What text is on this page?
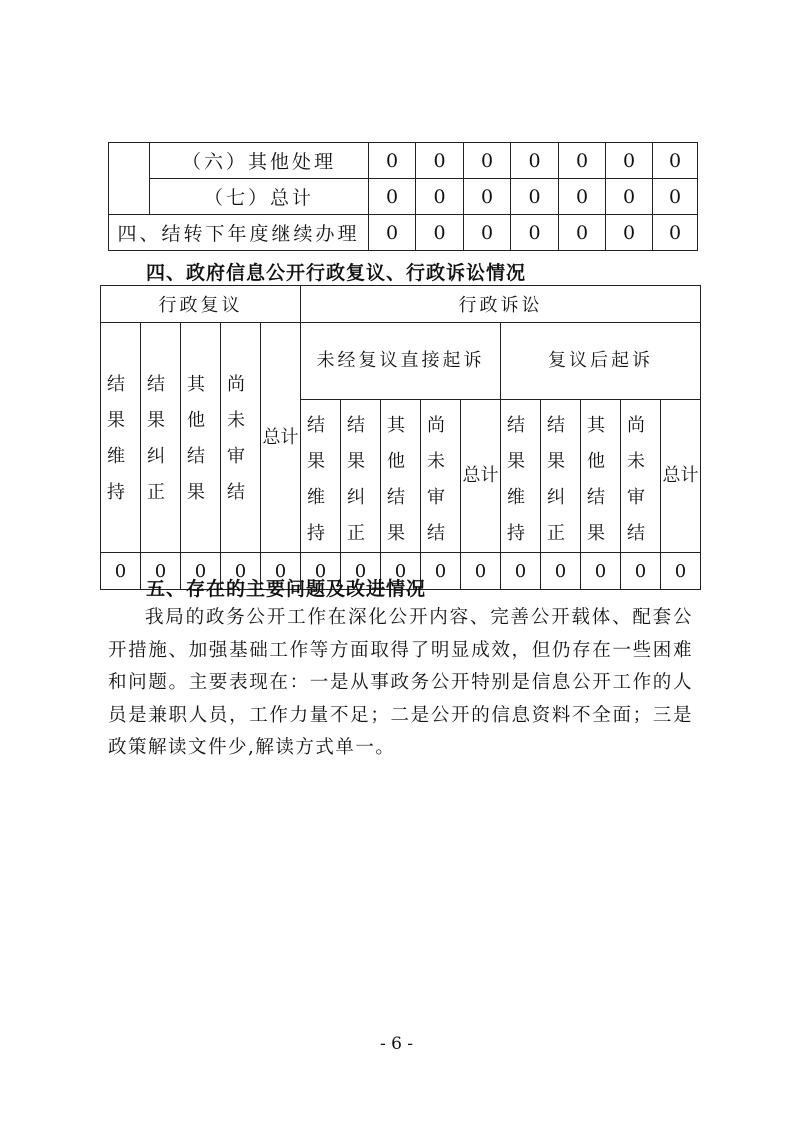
	（六）其他处理	0	0	0	0	0	0	0
	（七）总计	0	0	0	0	0	0	0
四、结转下年度继续办理		0	0	0	0	0	0	0
四、政府信息公开行政复议、行政诉讼情况
行政复议					行政诉讼									
结果维持	结果纠正	其他结果	尚未审结	总计	未经复议直接起诉					复议后起诉				
					结果维持	结果纠正	其他结果	尚未审结	总计	结果维持	结果纠正	其他结果	尚未审结	总计
0	0	0	0	0	0	0	0	0	0	0	0	0	0	0
五、存在的主要问题及改进情况

我局的政务公开工作在深化公开内容、完善公开载体、配套公开措施、加强基础工作等方面取得了明显成效，但仍存在一些困难和问题。主要表现在：一是从事政务公开特别是信息公开工作的人员是兼职人员，工作力量不足；二是公开的信息资料不全面；三是政策解读文件少,解读方式单一。

- 6 -
